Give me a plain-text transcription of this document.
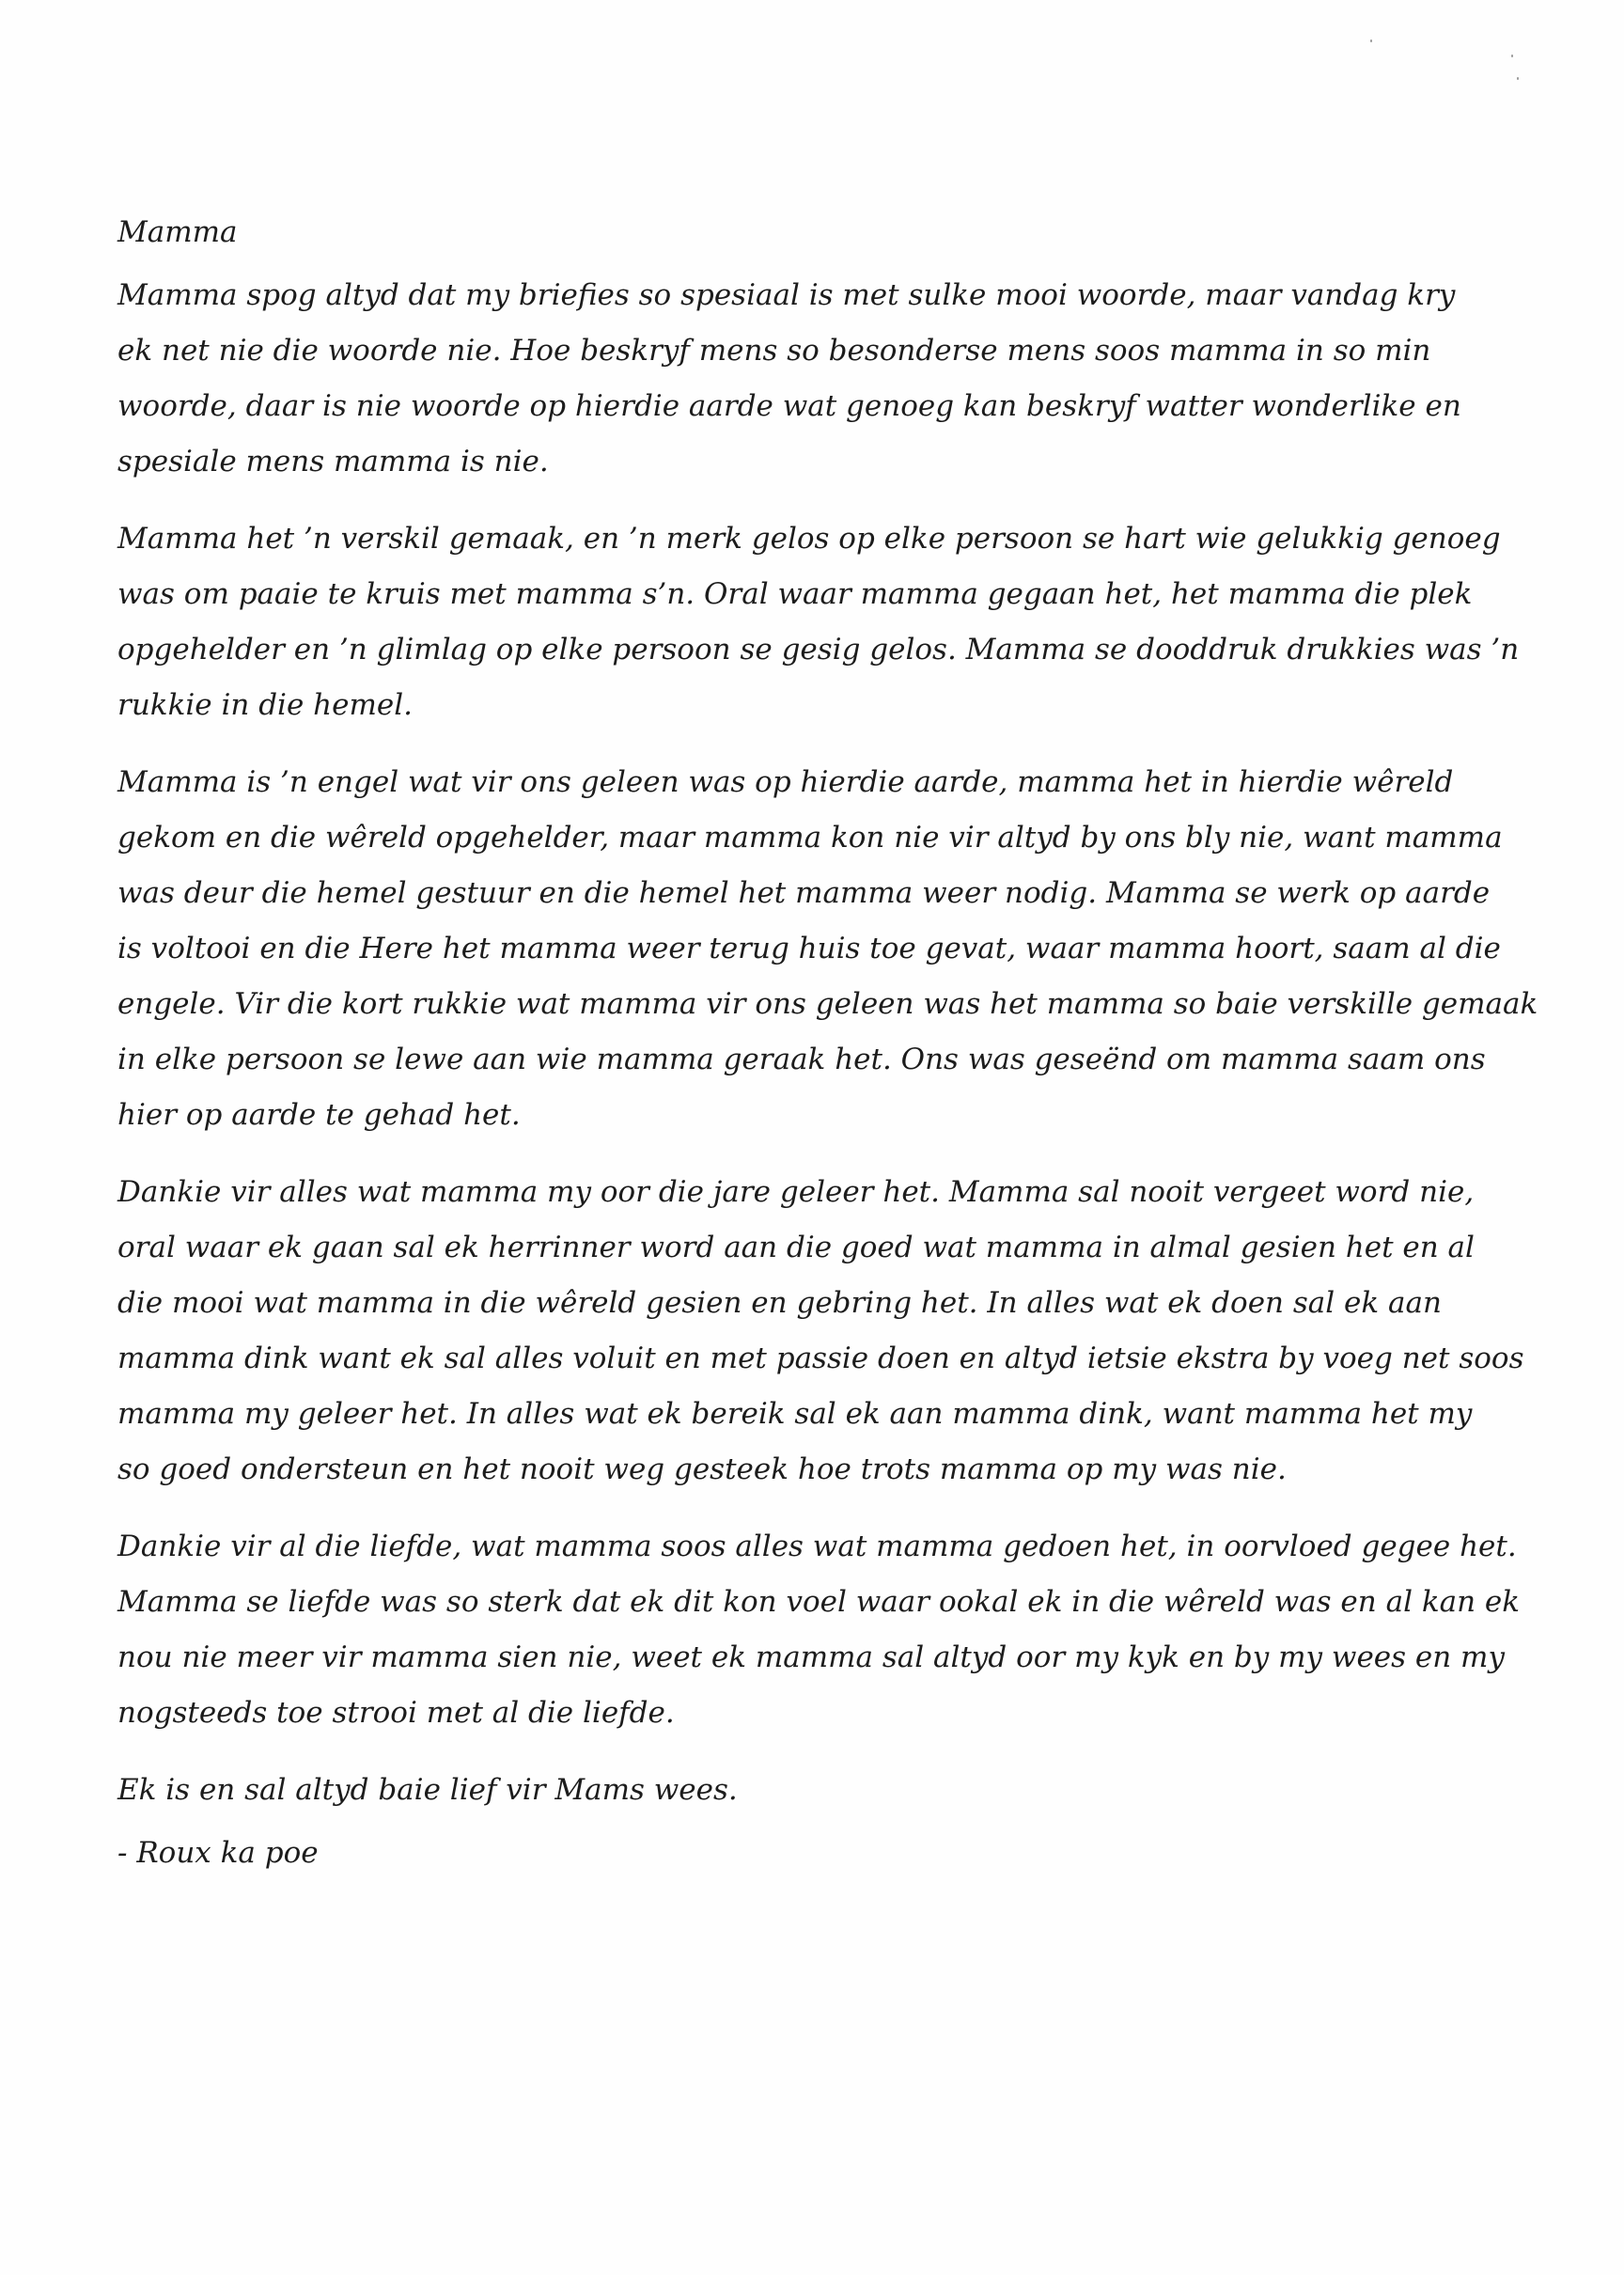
Mamma

Mamma spog altyd dat my briefies so spesiaal is met sulke mooi woorde, maar vandag kry
ek net nie die woorde nie. Hoe beskryf mens so besonderse mens soos mamma in so min
woorde, daar is nie woorde op hierdie aarde wat genoeg kan beskryf watter wonderlike en
spesiale mens mamma is nie.

Mamma het ’n verskil gemaak, en ’n merk gelos op elke persoon se hart wie gelukkig genoeg
was om paaie te kruis met mamma s’n. Oral waar mamma gegaan het, het mamma die plek
opgehelder en ’n glimlag op elke persoon se gesig gelos. Mamma se dooddruk drukkies was ’n
rukkie in die hemel.

Mamma is ’n engel wat vir ons geleen was op hierdie aarde, mamma het in hierdie wêreld
gekom en die wêreld opgehelder, maar mamma kon nie vir altyd by ons bly nie, want mamma
was deur die hemel gestuur en die hemel het mamma weer nodig. Mamma se werk op aarde
is voltooi en die Here het mamma weer terug huis toe gevat, waar mamma hoort, saam al die
engele. Vir die kort rukkie wat mamma vir ons geleen was het mamma so baie verskille gemaak
in elke persoon se lewe aan wie mamma geraak het. Ons was geseënd om mamma saam ons
hier op aarde te gehad het.

Dankie vir alles wat mamma my oor die jare geleer het. Mamma sal nooit vergeet word nie,
oral waar ek gaan sal ek herrinner word aan die goed wat mamma in almal gesien het en al
die mooi wat mamma in die wêreld gesien en gebring het. In alles wat ek doen sal ek aan
mamma dink want ek sal alles voluit en met passie doen en altyd ietsie ekstra by voeg net soos
mamma my geleer het. In alles wat ek bereik sal ek aan mamma dink, want mamma het my
so goed ondersteun en het nooit weg gesteek hoe trots mamma op my was nie.

Dankie vir al die liefde, wat mamma soos alles wat mamma gedoen het, in oorvloed gegee het.
Mamma se liefde was so sterk dat ek dit kon voel waar ookal ek in die wêreld was en al kan ek
nou nie meer vir mamma sien nie, weet ek mamma sal altyd oor my kyk en by my wees en my
nogsteeds toe strooi met al die liefde.

Ek is en sal altyd baie lief vir Mams wees.

- Roux ka poe
